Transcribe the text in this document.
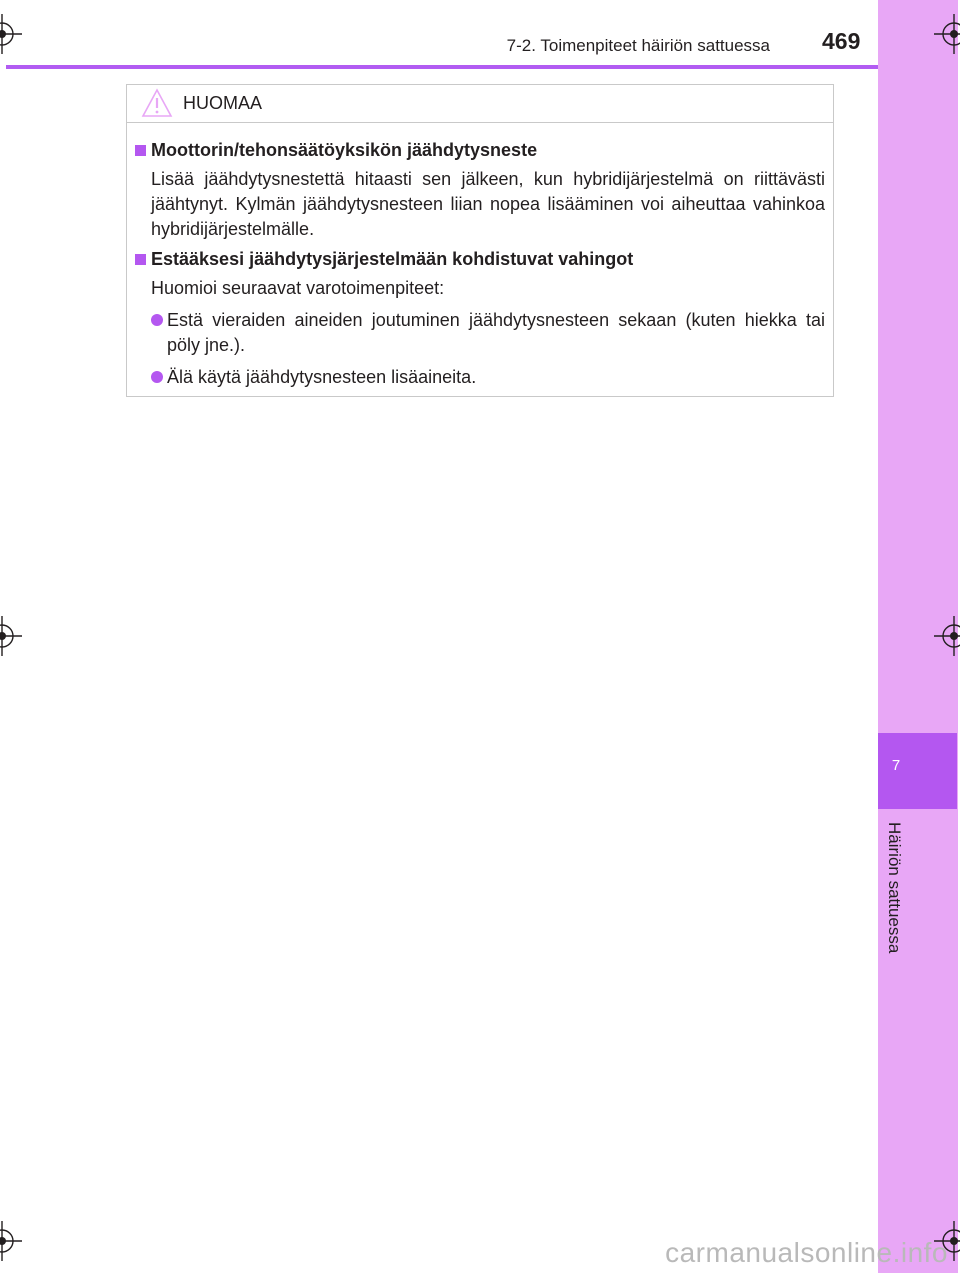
7
Häiriön sattuessa
7-2. Toimenpiteet häiriön sattuessa 469
HUOMAA
Moottorin/tehonsäätöyksikön jäähdytysneste
Lisää jäähdytysnestettä hitaasti sen jälkeen, kun hybridijärjestelmä on riittävästi jäähtynyt. Kylmän jäähdytysnesteen liian nopea lisääminen voi aiheuttaa vahinkoa hybridijärjestelmälle.
Estääksesi jäähdytysjärjestelmään kohdistuvat vahingot
Huomioi seuraavat varotoimenpiteet:
Estä vieraiden aineiden joutuminen jäähdytysnesteen sekaan (kuten hiekka tai pöly jne.).
Älä käytä jäähdytysnesteen lisäaineita.
carmanualsonline.info
